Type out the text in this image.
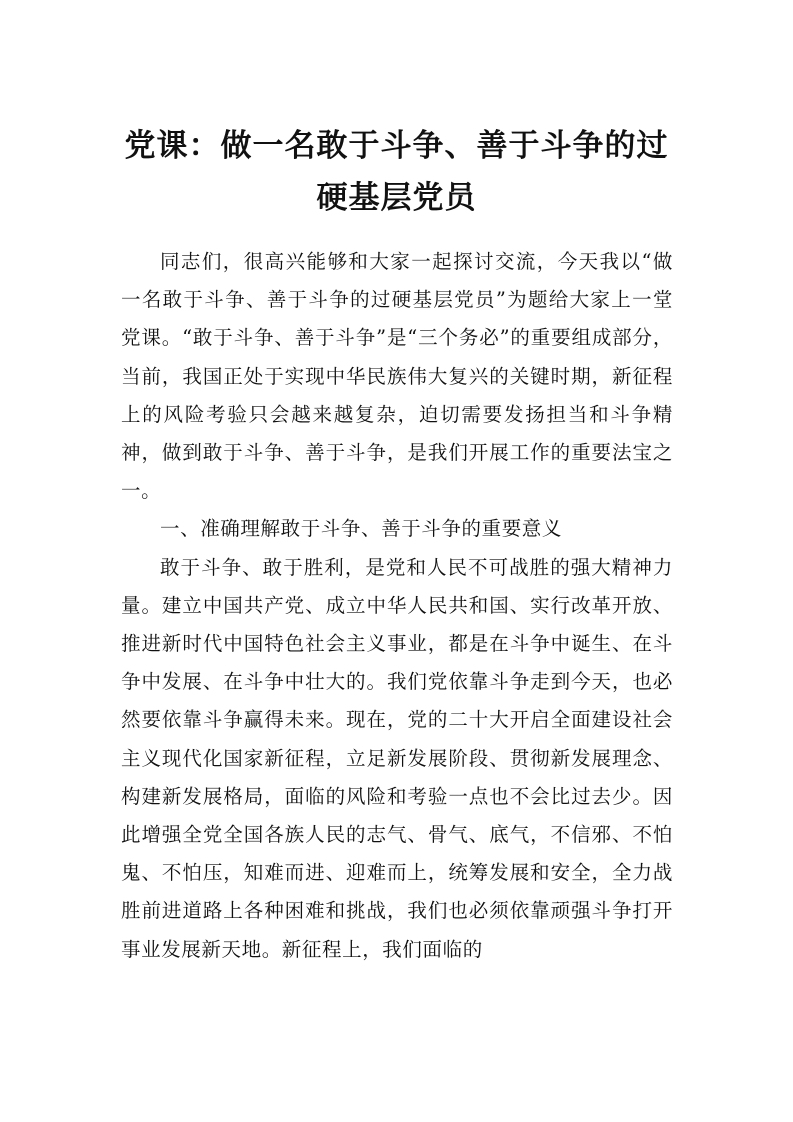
党课：做一名敢于斗争、善于斗争的过硬基层党员

同志们，很高兴能够和大家一起探讨交流，今天我以“做一名敢于斗争、善于斗争的过硬基层党员”为题给大家上一堂党课。“敢于斗争、善于斗争”是“三个务必”的重要组成部分，当前，我国正处于实现中华民族伟大复兴的关键时期，新征程上的风险考验只会越来越复杂，迫切需要发扬担当和斗争精神，做到敢于斗争、善于斗争，是我们开展工作的重要法宝之一。

一、准确理解敢于斗争、善于斗争的重要意义

敢于斗争、敢于胜利，是党和人民不可战胜的强大精神力量。建立中国共产党、成立中华人民共和国、实行改革开放、推进新时代中国特色社会主义事业，都是在斗争中诞生、在斗争中发展、在斗争中壮大的。我们党依靠斗争走到今天，也必然要依靠斗争赢得未来。现在，党的二十大开启全面建设社会主义现代化国家新征程，立足新发展阶段、贯彻新发展理念、构建新发展格局，面临的风险和考验一点也不会比过去少。因此增强全党全国各族人民的志气、骨气、底气，不信邪、不怕鬼、不怕压，知难而进、迎难而上，统筹发展和安全，全力战胜前进道路上各种困难和挑战，我们也必须依靠顽强斗争打开事业发展新天地。新征程上，我们面临的
